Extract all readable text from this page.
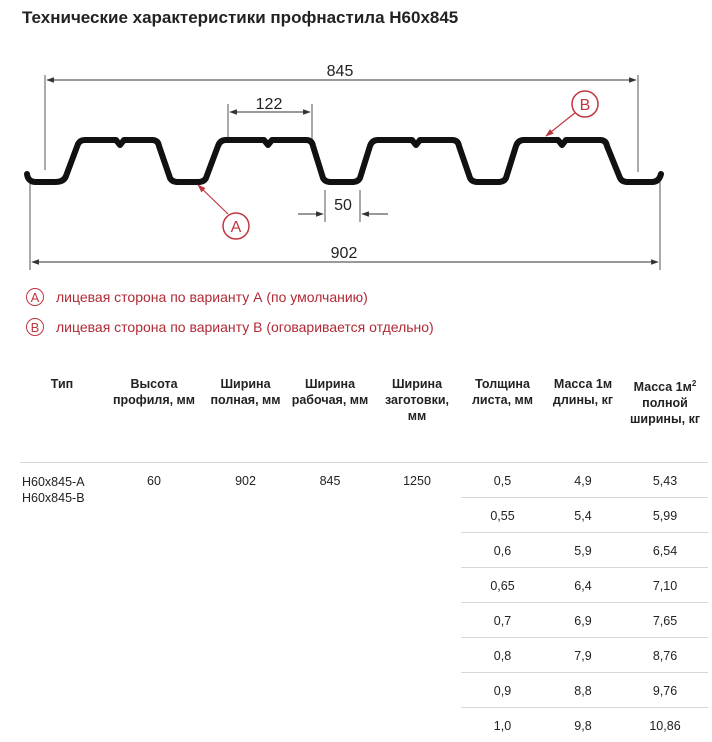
Технические характеристики профнастила Н60х845
845
122
50
902
A
B
A	лицевая сторона по варианту А (по умолчанию)
B	лицевая сторона по варианту В (оговаривается отдельно)
Тип	Высота профиля, мм	Ширина полная, мм	Ширина рабочая, мм	Ширина заготовки, мм	Толщина листа, мм	Масса 1м длины, кг	Масса $1м^2$ полной ширины, кг

Н60х845-А
Н60х845-В	60	902	845	1250	0,5	4,9	5,43
					0,55	5,4	5,99
					0,6	5,9	6,54
					0,65	6,4	7,10
					0,7	6,9	7,65
					0,8	7,9	8,76
					0,9	8,8	9,76
					1,0	9,8	10,86
